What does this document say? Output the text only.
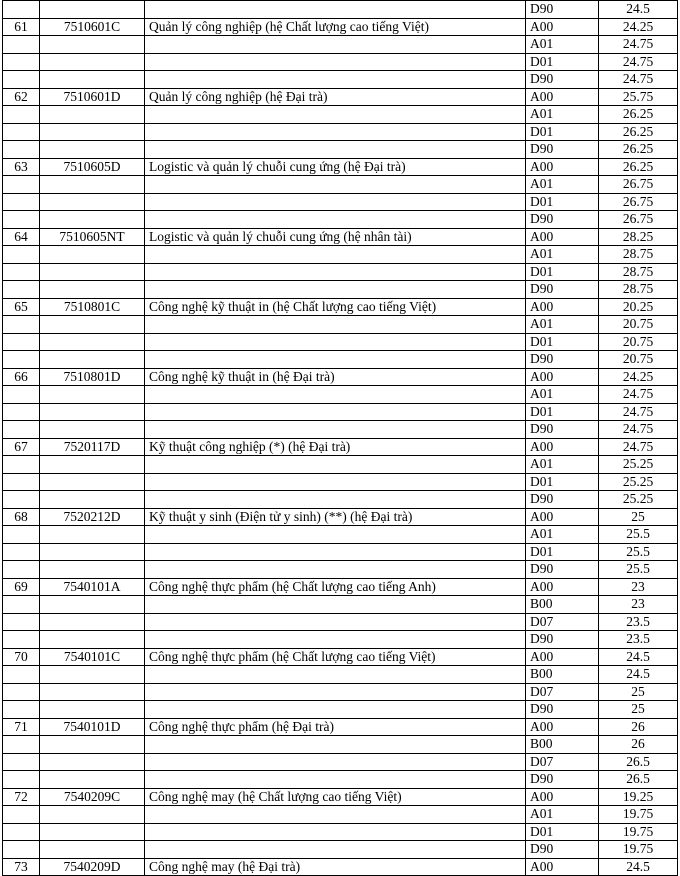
			D90	24.5
61	7510601C	Quản lý công nghiệp (hệ Chất lượng cao tiếng Việt)	A00	24.25
			A01	24.75
			D01	24.75
			D90	24.75
62	7510601D	Quản lý công nghiệp (hệ Đại trà)	A00	25.75
			A01	26.25
			D01	26.25
			D90	26.25
63	7510605D	Logistic và quản lý chuỗi cung ứng (hệ Đại trà)	A00	26.25
			A01	26.75
			D01	26.75
			D90	26.75
64	7510605NT	Logistic và quản lý chuỗi cung ứng (hệ nhân tài)	A00	28.25
			A01	28.75
			D01	28.75
			D90	28.75
65	7510801C	Công nghệ kỹ thuật in (hệ Chất lượng cao tiếng Việt)	A00	20.25
			A01	20.75
			D01	20.75
			D90	20.75
66	7510801D	Công nghệ kỹ thuật in (hệ Đại trà)	A00	24.25
			A01	24.75
			D01	24.75
			D90	24.75
67	7520117D	Kỹ thuật công nghiệp (*) (hệ Đại trà)	A00	24.75
			A01	25.25
			D01	25.25
			D90	25.25
68	7520212D	Kỹ thuật y sinh (Điện tử y sinh) (**) (hệ Đại trà)	A00	25
			A01	25.5
			D01	25.5
			D90	25.5
69	7540101A	Công nghệ thực phẩm (hệ Chất lượng cao tiếng Anh)	A00	23
			B00	23
			D07	23.5
			D90	23.5
70	7540101C	Công nghệ thực phẩm (hệ Chất lượng cao tiếng Việt)	A00	24.5
			B00	24.5
			D07	25
			D90	25
71	7540101D	Công nghệ thực phẩm (hệ Đại trà)	A00	26
			B00	26
			D07	26.5
			D90	26.5
72	7540209C	Công nghệ may (hệ Chất lượng cao tiếng Việt)	A00	19.25
			A01	19.75
			D01	19.75
			D90	19.75
73	7540209D	Công nghệ may (hệ Đại trà)	A00	24.5
